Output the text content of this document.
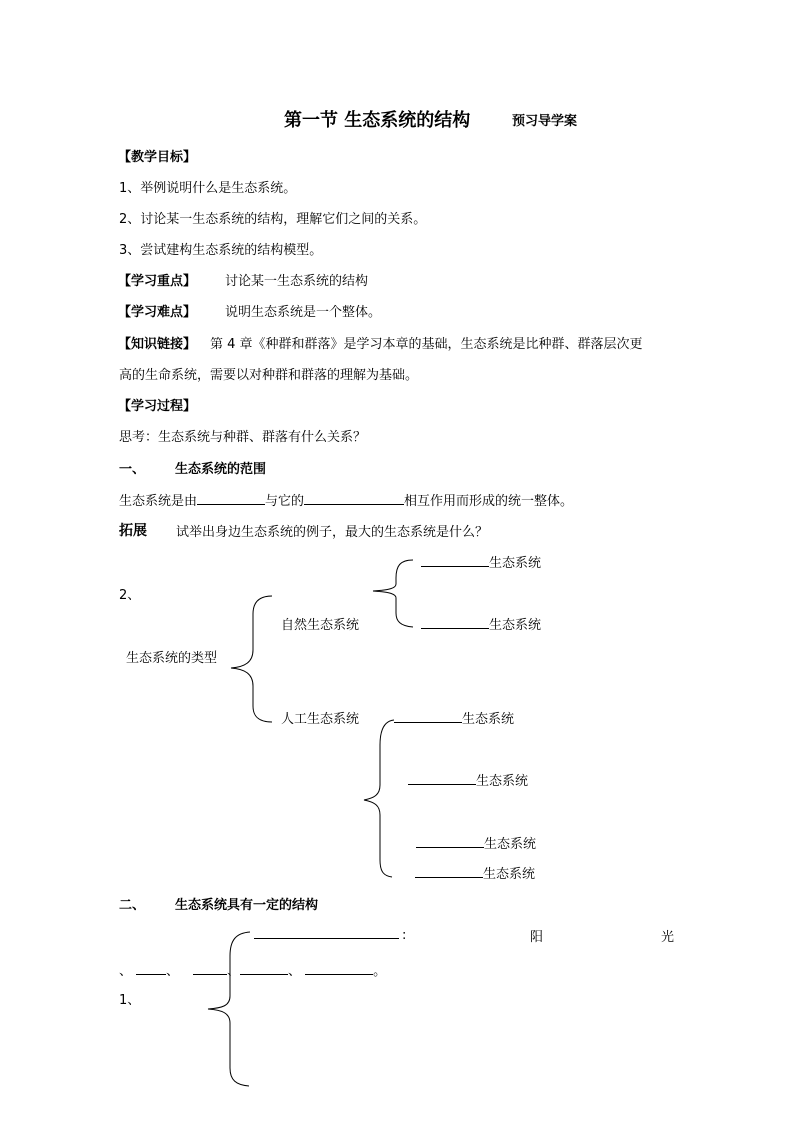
第一节 生态系统的结构	预习导学案
【教学目标】
1、举例说明什么是生态系统。
2、讨论某一生态系统的结构，理解它们之间的关系。
3、尝试建构生态系统的结构模型。
【学习重点】 讨论某一生态系统的结构
【学习难点】 说明生态系统是一个整体。
【知识链接】 第 4 章《种群和群落》是学习本章的基础，生态系统是比种群、群落层次更
高的生命系统，需要以对种群和群落的理解为基础。
【学习过程】
思考：生态系统与种群、群落有什么关系？
一、 生态系统的范围
生态系统是由	与它的	相互作用而形成的统一整体。
拓展 试举出身边生态系统的例子，最大的生态系统是什么？
2、
生态系统的类型
自然生态系统
人工生态系统
生态系统
生态系统
生态系统
生态系统
生态系统
生态系统
二、 生态系统具有一定的结构
:	阳	光
、	、	、	、	。
1、
